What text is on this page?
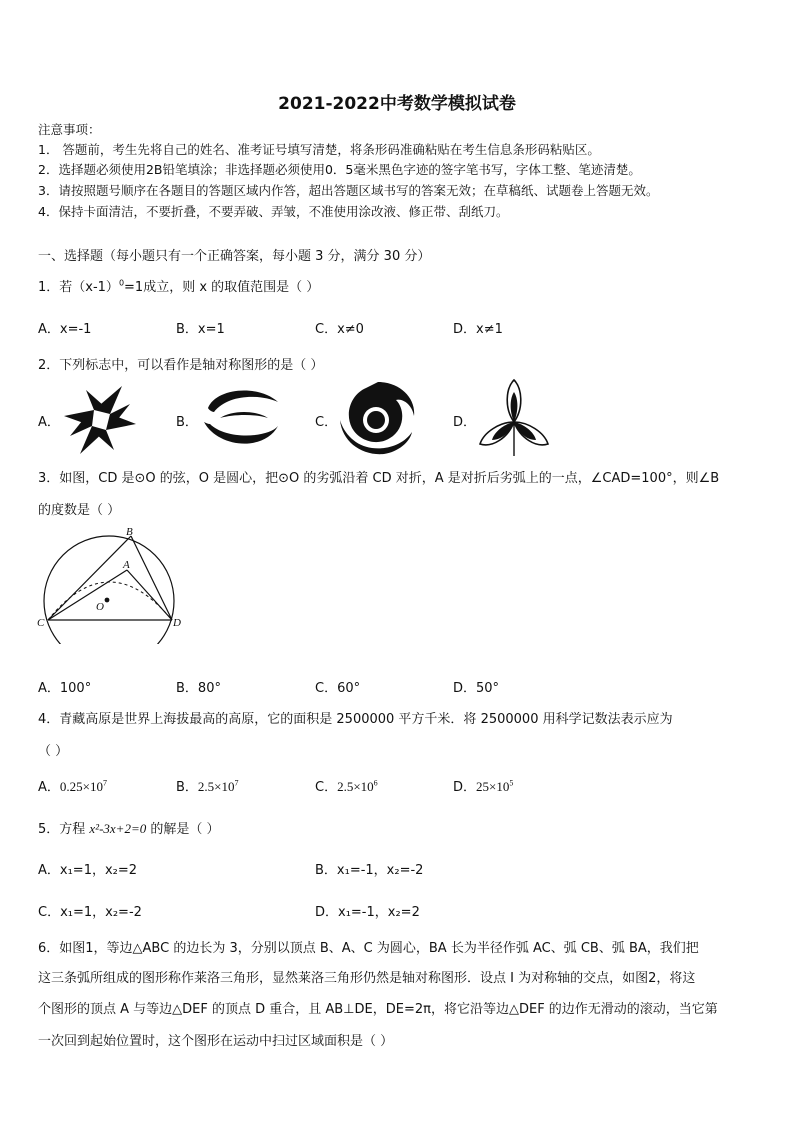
2021-2022中考数学模拟试卷
注意事项：
1． 答题前，考生先将自己的姓名、准考证号填写清楚，将条形码准确粘贴在考生信息条形码粘贴区。
2．选择题必须使用2B铅笔填涂；非选择题必须使用0．5毫米黑色字迹的签字笔书写，字体工整、笔迹清楚。
3．请按照题号顺序在各题目的答题区域内作答，超出答题区域书写的答案无效；在草稿纸、试题卷上答题无效。
4．保持卡面清洁，不要折叠，不要弄破、弄皱，不准使用涂改液、修正带、刮纸刀。
一、选择题（每小题只有一个正确答案，每小题 3 分，满分 30 分）
1．若$(x-1)^0=1$成立，则 x 的取值范围是（ ）
A．x=-1	B．x=1	C．x≠0	D．x≠1
2．下列标志中，可以看作是轴对称图形的是（ ）
A．	B．	C．	D．
3．如图，CD 是⊙O 的弦，O 是圆心，把⊙O 的劣弧沿着 CD 对折，A 是对折后劣弧上的一点，∠CAD=100°，则∠B
的度数是（ ）
B
A
O
C	D
A．100°	B．80°	C．60°	D．50°
4．青藏高原是世界上海拔最高的高原，它的面积是 2500000 平方千米．将 2500000 用科学记数法表示应为
（ ）
A．$0.25\times 10^7$	B．$2.5\times 10^7$	C．$2.5\times 10^6$	D．$25\times 10^5$
5．方程 x²-3x+2=0 的解是（ ）
A．x₁=1，x₂=2	B．x₁=-1，x₂=-2
C．x₁=1，x₂=-2	D．x₁=-1，x₂=2
6．如图1，等边△ABC 的边长为 3，分别以顶点 B、A、C 为圆心，BA 长为半径作弧 AC、弧 CB、弧 BA，我们把
这三条弧所组成的图形称作莱洛三角形，显然莱洛三角形仍然是轴对称图形．设点 I 为对称轴的交点，如图2，将这
个图形的顶点 A 与等边△DEF 的顶点 D 重合，且 AB⊥DE，DE=2π，将它沿等边△DEF 的边作无滑动的滚动，当它第
一次回到起始位置时，这个图形在运动中扫过区域面积是（ ）
